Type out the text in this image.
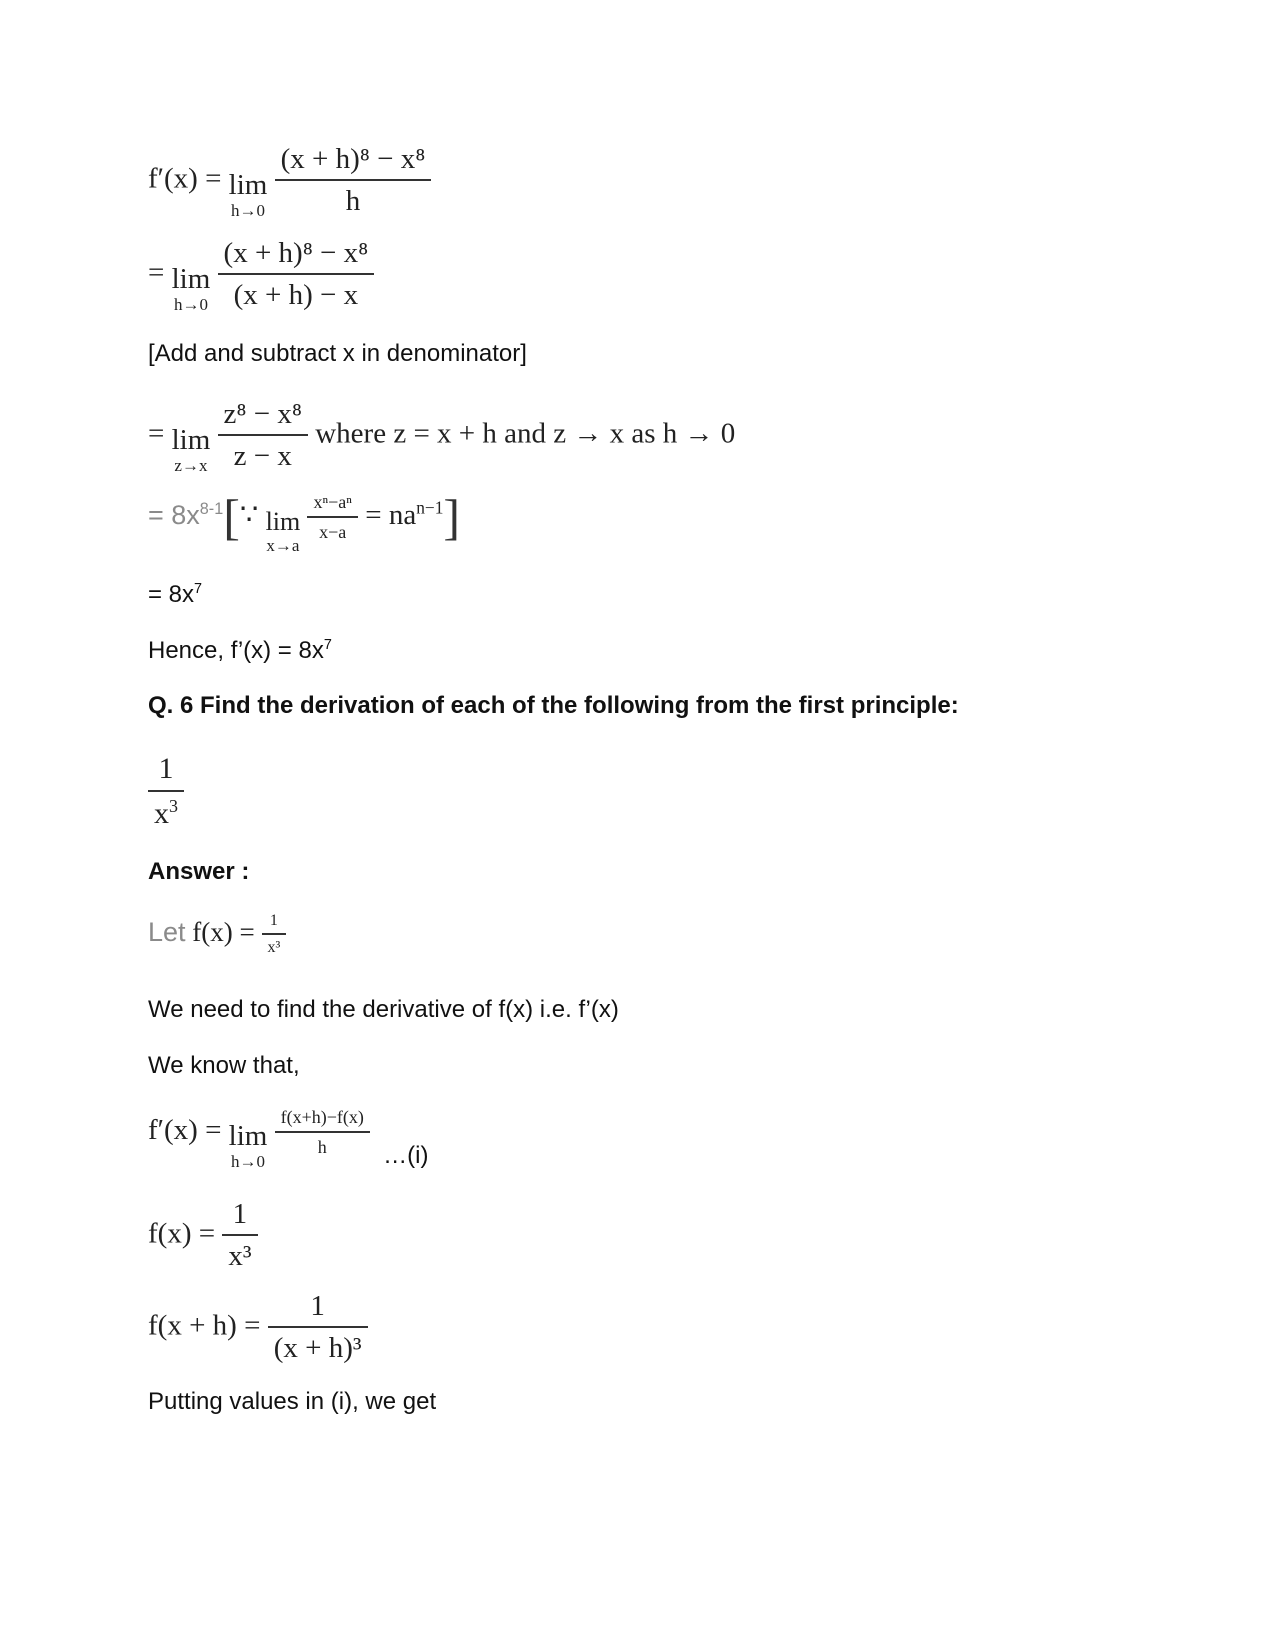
f′(x) = lim
h→0
$\frac{\text{(x + h)⁸ − x⁸}}{h}$
= lim
h→0
$\frac{\text{(x + h)⁸ − x⁸}}{(x + h) - x}$
[Add and subtract x in denominator]
= lim
z→x
$\frac{\text{z⁸ − x⁸}}{z - x}$ where z = x + h and z → x as h → 0
= $8x^{8-1}[\because$ lim
x→a

$\frac{\text{xⁿ−aⁿ}}{x-a} = na^{n-1}$]
= $8x^7$
Hence, f’(x) = $8x^7$
Q. 6 Find the derivation of each of the following from the first principle:
$\frac{1}{x^3}$
Answer :
Let $f(x) = \frac{1}{\text{x³}}$
We need to find the derivative of f(x) i.e. f’(x)
We know that,
f′(x) = lim
h→0

$\frac{f(x+h)-f(x)}{h} _{\dots(i)}$
$f(x) = \frac{1}{\text{x³}}$
$f(x + h) = \frac{1}{\text{(x + h)³}}$
Putting values in (i), we get
